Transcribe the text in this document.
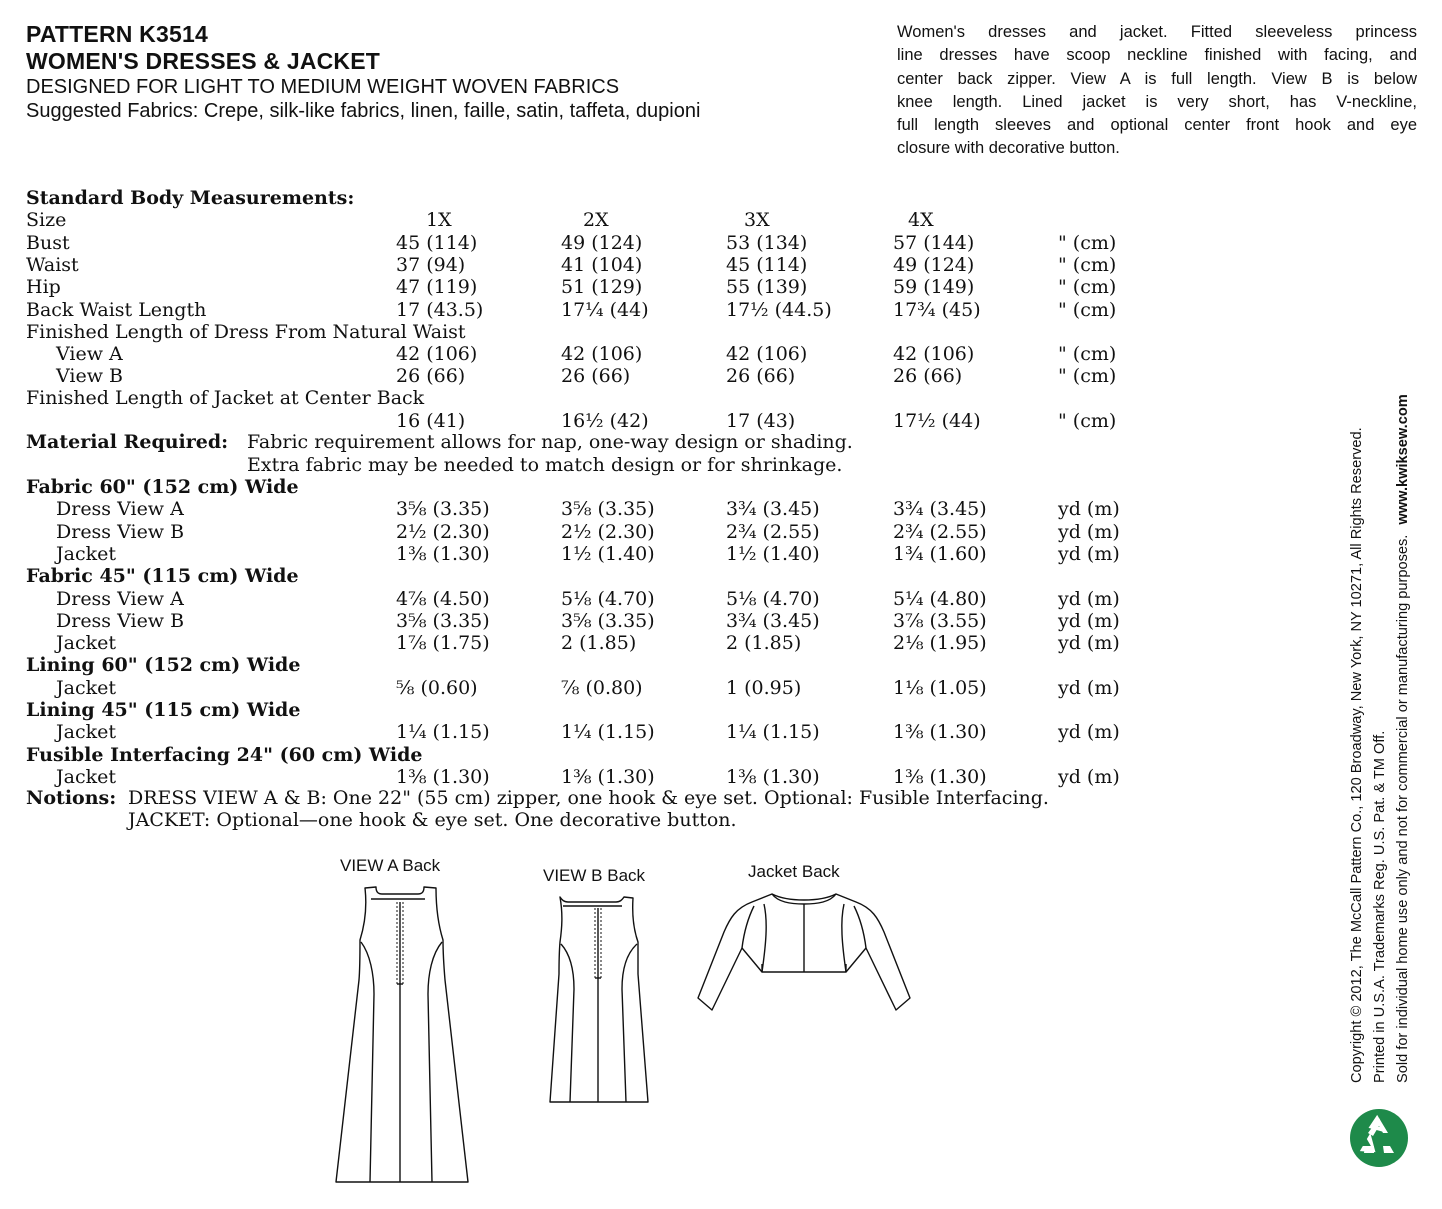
PATTERN K3514
WOMEN'S DRESSES & JACKET
DESIGNED FOR LIGHT TO MEDIUM WEIGHT WOVEN FABRICS
Suggested Fabrics: Crepe, silk-like fabrics, linen, faille, satin, taffeta, dupioni
Women's dresses and jacket. Fitted sleeveless princess
line dresses have scoop neckline finished with facing, and
center back zipper. View A is full length. View B is below
knee length. Lined jacket is very short, has V-neckline,
full length sleeves and optional center front hook and eye
closure with decorative button.
Standard Body Measurements:
Size	1X	2X	3X	4X
Bust	45 (114)	49 (124)	53 (134)	57 (144)	" (cm)
Waist	37 (94)	41 (104)	45 (114)	49 (124)	" (cm)
Hip	47 (119)	51 (129)	55 (139)	59 (149)	" (cm)
Back Waist Length	17 (43.5)	17¼ (44)	17½ (44.5)	17¾ (45)	" (cm)
Finished Length of Dress From Natural Waist
View A	42 (106)	42 (106)	42 (106)	42 (106)	" (cm)
View B	26 (66)	26 (66)	26 (66)	26 (66)	" (cm)
Finished Length of Jacket at Center Back
16 (41)	16½ (42)	17 (43)	17½ (44)	" (cm)
Material Required: Fabric requirement allows for nap, one-way design or shading.
Extra fabric may be needed to match design or for shrinkage.
Fabric 60" (152 cm) Wide
Dress View A	3⅝ (3.35)	3⅝ (3.35)	3¾ (3.45)	3¾ (3.45)	yd (m)
Dress View B	2½ (2.30)	2½ (2.30)	2¾ (2.55)	2¾ (2.55)	yd (m)
Jacket	1⅜ (1.30)	1½ (1.40)	1½ (1.40)	1¾ (1.60)	yd (m)
Fabric 45" (115 cm) Wide
Dress View A	4⅞ (4.50)	5⅛ (4.70)	5⅛ (4.70)	5¼ (4.80)	yd (m)
Dress View B	3⅝ (3.35)	3⅝ (3.35)	3¾ (3.45)	3⅞ (3.55)	yd (m)
Jacket	1⅞ (1.75)	2 (1.85)	2 (1.85)	2⅛ (1.95)	yd (m)
Lining 60" (152 cm) Wide
Jacket	⅝ (0.60)	⅞ (0.80)	1 (0.95)	1⅛ (1.05)	yd (m)
Lining 45" (115 cm) Wide
Jacket	1¼ (1.15)	1¼ (1.15)	1¼ (1.15)	1⅜ (1.30)	yd (m)
Fusible Interfacing 24" (60 cm) Wide
Jacket	1⅜ (1.30)	1⅜ (1.30)	1⅜ (1.30)	1⅜ (1.30)	yd (m)
Notions: DRESS VIEW A & B: One 22" (55 cm) zipper, one hook & eye set. Optional: Fusible Interfacing.
JACKET: Optional—one hook & eye set. One decorative button.
VIEW A Back
VIEW B Back	Jacket Back	Copyright © 2012, The McCall Pattern Co., 120 Broadway, New York, NY 10271, All Rights Reserved. Printed in U.S.A. Trademarks Reg. U.S. Pat. & TM Off. Sold for individual home use only and not for commercial or manufacturing purposes. www.kwiksew.com
